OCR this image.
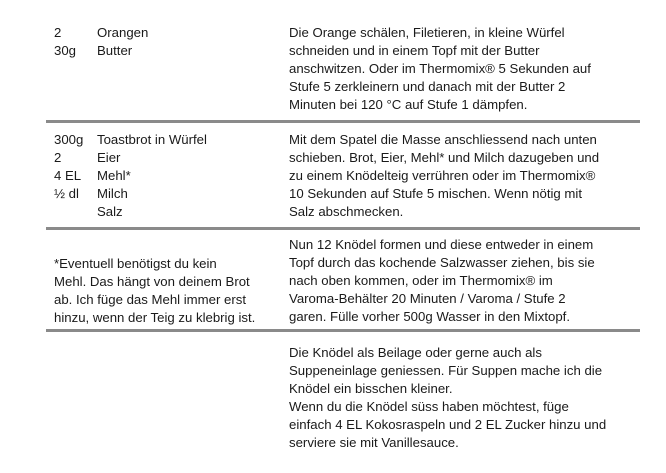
2	Orangen
30g Butter
Die Orange schälen, Filetieren, in kleine Würfel
schneiden und in einem Topf mit der Butter
anschwitzen. Oder im Thermomix® 5 Sekunden auf
Stufe 5 zerkleinern und danach mit der Butter 2
Minuten bei 120 °C auf Stufe 1 dämpfen.
300g Toastbrot in Würfel
2	Eier
4 EL Mehl*
½ dl Milch
Salz
Mit dem Spatel die Masse anschliessend nach unten
schieben. Brot, Eier, Mehl* und Milch dazugeben und
zu einem Knödelteig verrühren oder im Thermomix®
10 Sekunden auf Stufe 5 mischen. Wenn nötig mit
Salz abschmecken.
*Eventuell benötigst du kein
Mehl. Das hängt von deinem Brot
ab. Ich füge das Mehl immer erst
hinzu, wenn der Teig zu klebrig ist.
Nun 12 Knödel formen und diese entweder in einem
Topf durch das kochende Salzwasser ziehen, bis sie
nach oben kommen, oder im Thermomix® im
Varoma-Behälter 20 Minuten / Varoma / Stufe 2
garen. Fülle vorher 500g Wasser in den Mixtopf.
Die Knödel als Beilage oder gerne auch als
Suppeneinlage geniessen. Für Suppen mache ich die
Knödel ein bisschen kleiner.
Wenn du die Knödel süss haben möchtest, füge
einfach 4 EL Kokosraspeln und 2 EL Zucker hinzu und
serviere sie mit Vanillesauce.
